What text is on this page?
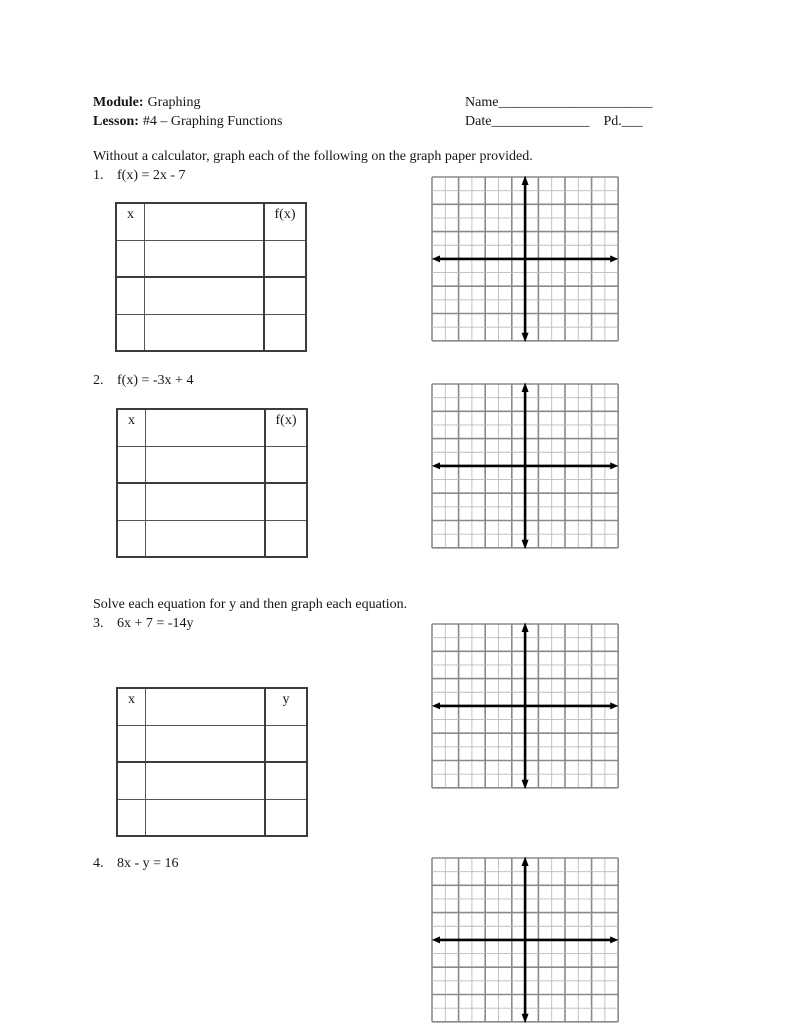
Module: Graphing
Lesson: #4 – Graphing Functions
Name______________________
Date______________ Pd.___
Without a calculator, graph each of the following on the graph paper provided.
1. f(x) = 2x - 7
x		f(x)

2. f(x) = -3x + 4
x		f(x)

Solve each equation for y and then graph each equation.
3. 6x + 7 = -14y
x		y

4. 8x - y = 16
